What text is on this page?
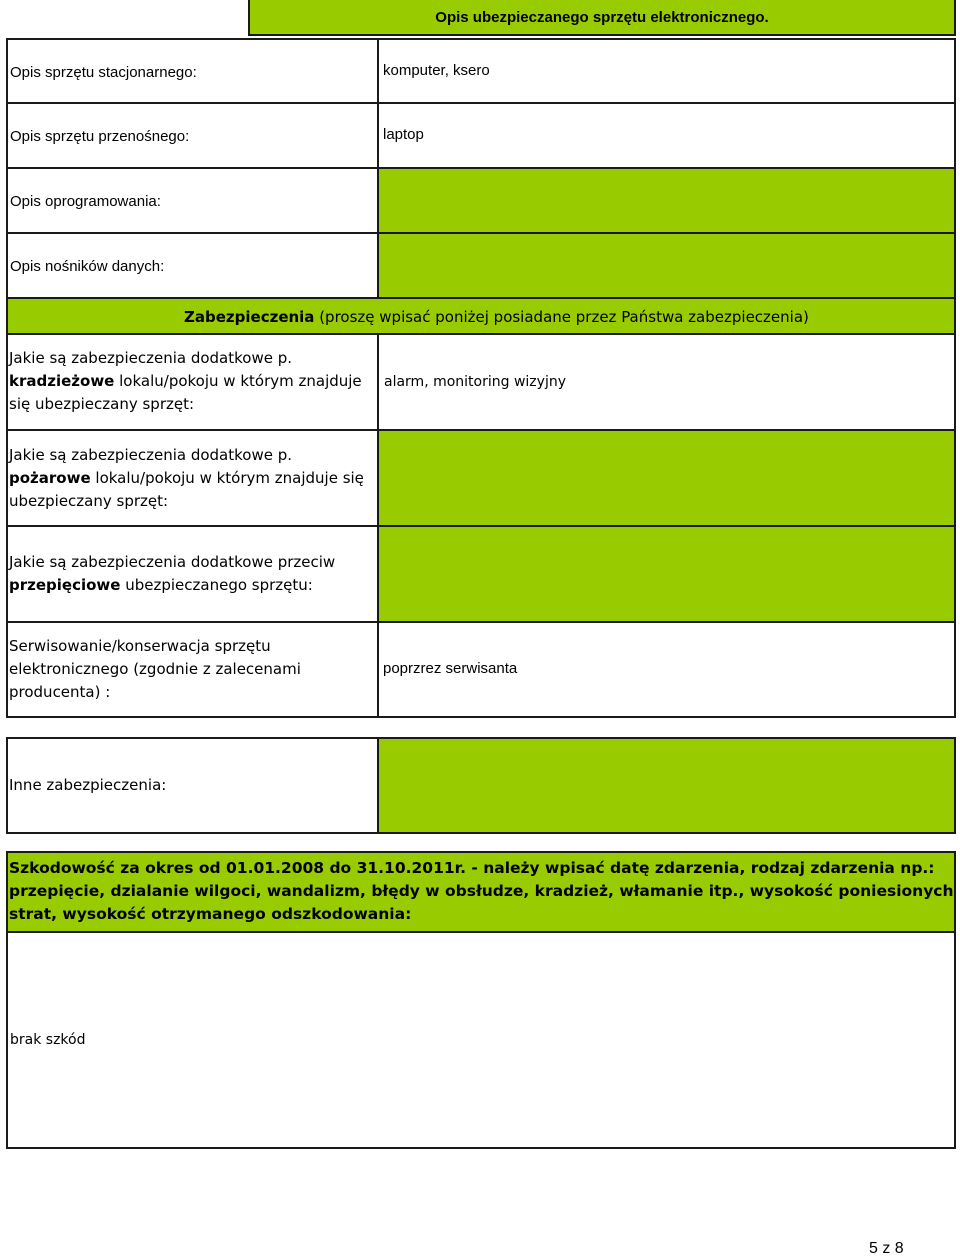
Opis ubezpieczanego sprzętu elektronicznego.
Opis sprzętu stacjonarnego:	komputer, ksero
Opis sprzętu przenośnego:	laptop
Opis oprogramowania:
Opis nośników danych:
Zabezpieczenia (proszę wpisać poniżej posiadane przez Państwa zabezpieczenia)
Jakie są zabezpieczenia dodatkowe p.
kradzieżowe lokalu/pokoju w którym znajduje się ubezpieczany sprzęt:
alarm, monitoring wizyjny
Jakie są zabezpieczenia dodatkowe p. pożarowe lokalu/pokoju w którym znajduje się ubezpieczany sprzęt:
Jakie są zabezpieczenia dodatkowe przeciw przepięciowe ubezpieczanego sprzętu:
Serwisowanie/konserwacja sprzętu elektronicznego (zgodnie z zalecenami producenta) :
poprzrez serwisanta
Inne zabezpieczenia:
Szkodowość za okres od 01.01.2008 do 31.10.2011r. - należy wpisać datę zdarzenia, rodzaj zdarzenia np.: przepięcie, dzialanie wilgoci, wandalizm, błędy w obsłudze, kradzież, włamanie itp., wysokość poniesionych strat, wysokość otrzymanego odszkodowania:
brak szkód
5 z 8
